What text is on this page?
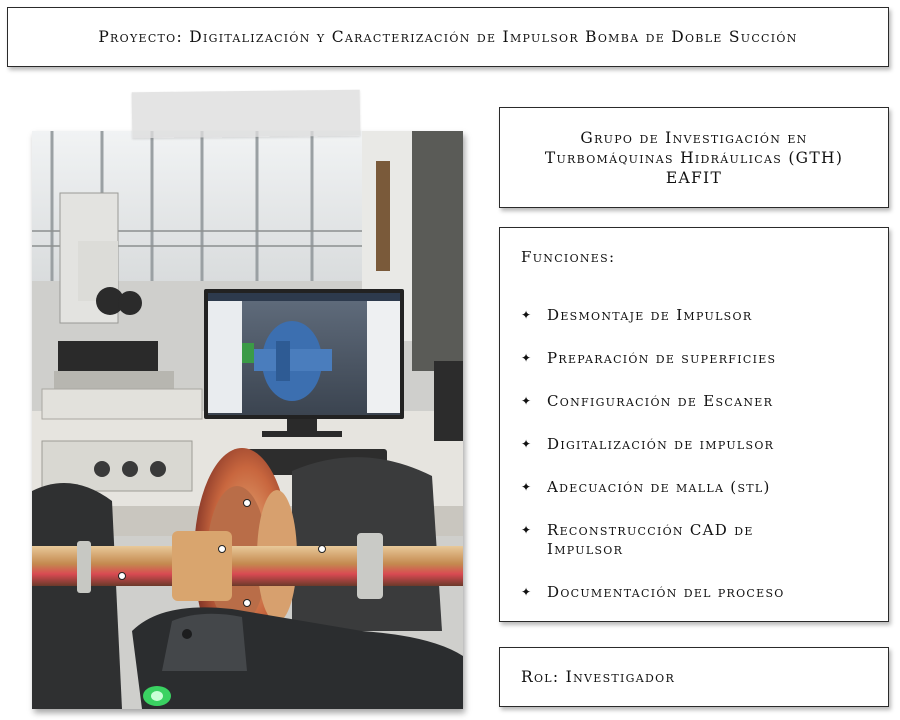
Proyecto: Digitalización y Caracterización de Impulsor Bomba de Doble Succión
Grupo de Investigación en
Turbomáquinas Hidráulicas (GTH)
EAFIT
Funciones:
✦ Desmontaje de Impulsor
✦ Preparación de superficies
✦ Configuración de Escaner
✦ Digitalización de impulsor
✦ Adecuación de malla (stl)
✦ Reconstrucción CAD de Impulsor
✦ Documentación del proceso
Rol: Investigador
